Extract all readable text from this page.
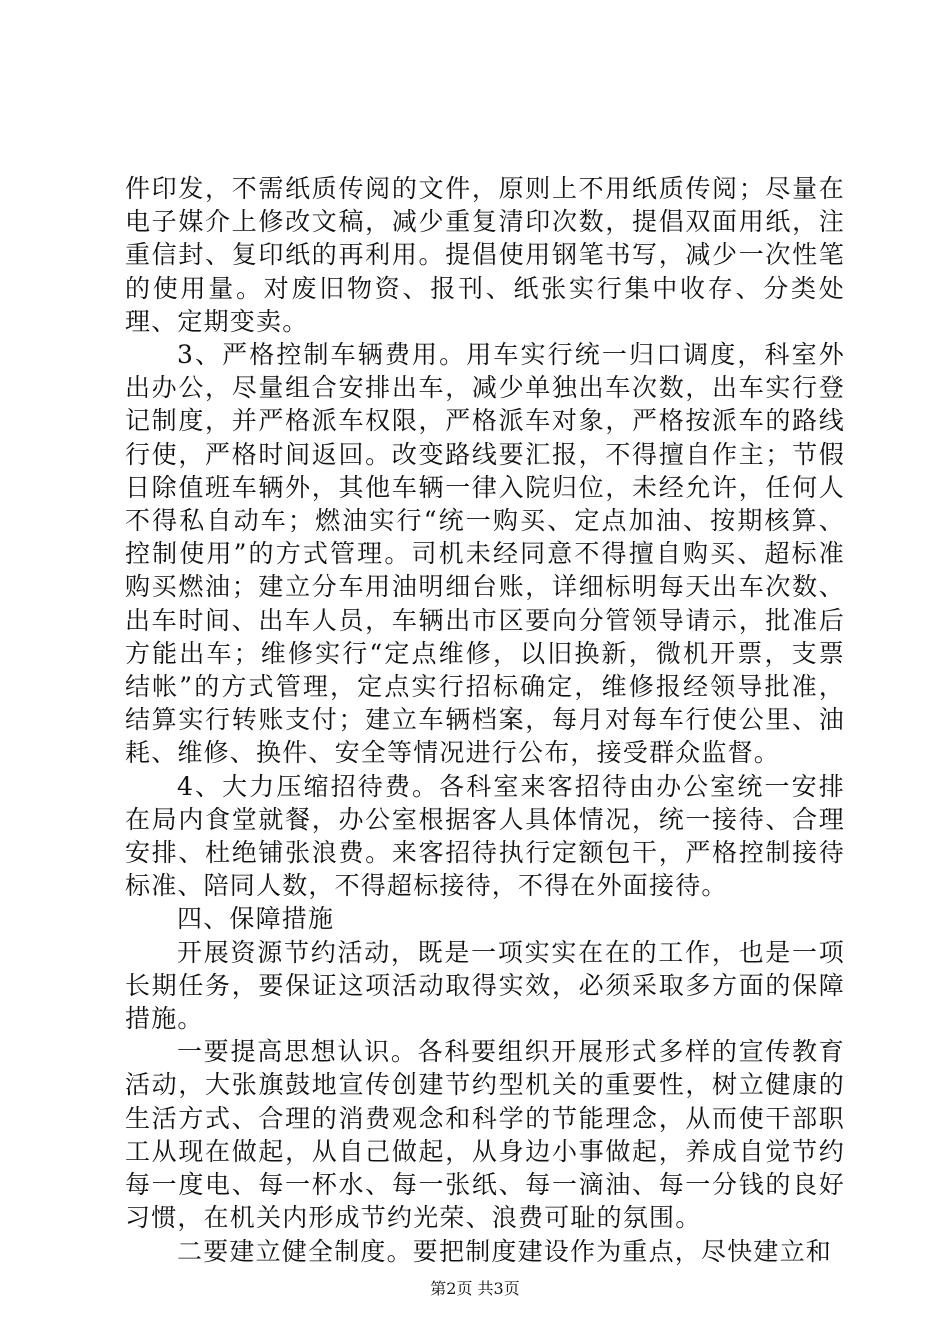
件印发，不需纸质传阅的文件，原则上不用纸质传阅；尽量在电子媒介上修改文稿，减少重复清印次数，提倡双面用纸，注重信封、复印纸的再利用。提倡使用钢笔书写，减少一次性笔的使用量。对废旧物资、报刊、纸张实行集中收存、分类处理、定期变卖。

3、严格控制车辆费用。用车实行统一归口调度，科室外出办公，尽量组合安排出车，减少单独出车次数，出车实行登记制度，并严格派车权限，严格派车对象，严格按派车的路线行使，严格时间返回。改变路线要汇报，不得擅自作主；节假日除值班车辆外，其他车辆一律入院归位，未经允许，任何人不得私自动车；燃油实行“统一购买、定点加油、按期核算、控制使用”的方式管理。司机未经同意不得擅自购买、超标准购买燃油；建立分车用油明细台账，详细标明每天出车次数、出车时间、出车人员，车辆出市区要向分管领导请示，批准后方能出车；维修实行“定点维修，以旧换新，微机开票，支票结帐”的方式管理，定点实行招标确定，维修报经领导批准，结算实行转账支付；建立车辆档案，每月对每车行使公里、油耗、维修、换件、安全等情况进行公布，接受群众监督。

4、大力压缩招待费。各科室来客招待由办公室统一安排在局内食堂就餐，办公室根据客人具体情况，统一接待、合理安排、杜绝铺张浪费。来客招待执行定额包干，严格控制接待标准、陪同人数，不得超标接待，不得在外面接待。

四、保障措施

开展资源节约活动，既是一项实实在在的工作，也是一项长期任务，要保证这项活动取得实效，必须采取多方面的保障措施。

一要提高思想认识。各科要组织开展形式多样的宣传教育活动，大张旗鼓地宣传创建节约型机关的重要性，树立健康的生活方式、合理的消费观念和科学的节能理念，从而使干部职工从现在做起，从自己做起，从身边小事做起，养成自觉节约每一度电、每一杯水、每一张纸、每一滴油、每一分钱的良好习惯，在机关内形成节约光荣、浪费可耻的氛围。

二要建立健全制度。要把制度建设作为重点，尽快建立和

第2页 共3页
